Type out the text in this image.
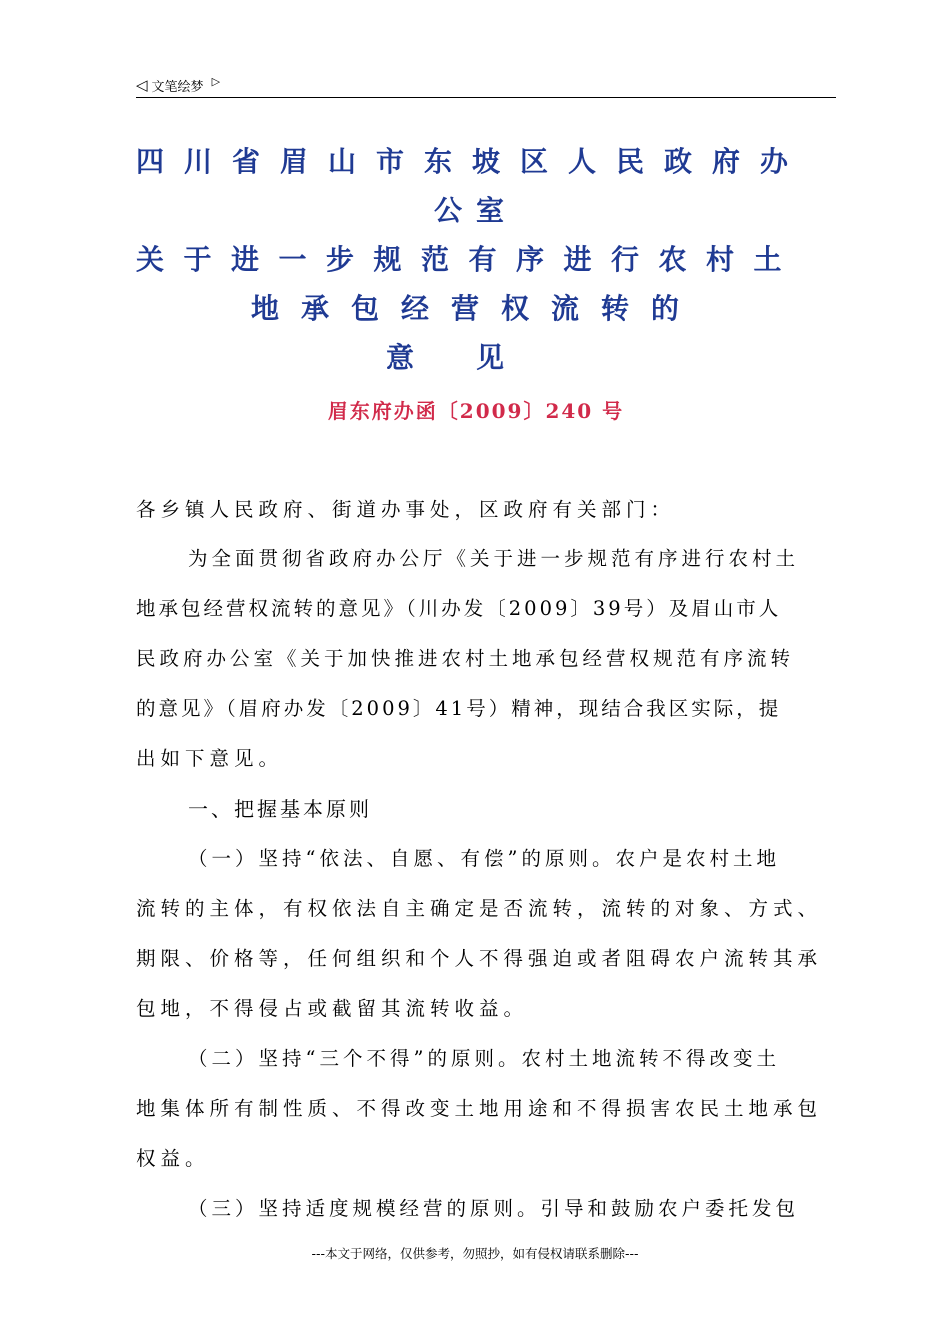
◁ 文笔绘梦 ▷
四川省眉山市东坡区人民政府办
公室
关于进一步规范有序进行农村土
地承包经营权流转的
意见
眉东府办函〔2009〕240 号
各乡镇人民政府、街道办事处，区政府有关部门：
为全面贯彻省政府办公厅《关于进一步规范有序进行农村土
地承包经营权流转的意见》（川办发〔2009〕39号）及眉山市人
民政府办公室《关于加快推进农村土地承包经营权规范有序流转
的意见》（眉府办发〔2009〕41号）精神，现结合我区实际，提
出如下意见。
一、把握基本原则
（一）坚持“依法、自愿、有偿”的原则。农户是农村土地
流转的主体，有权依法自主确定是否流转，流转的对象、方式、
期限、价格等，任何组织和个人不得强迫或者阻碍农户流转其承
包地，不得侵占或截留其流转收益。
（二）坚持“三个不得”的原则。农村土地流转不得改变土
地集体所有制性质、不得改变土地用途和不得损害农民土地承包
权益。
（三）坚持适度规模经营的原则。引导和鼓励农户委托发包
---本文于网络，仅供参考，勿照抄，如有侵权请联系删除---
